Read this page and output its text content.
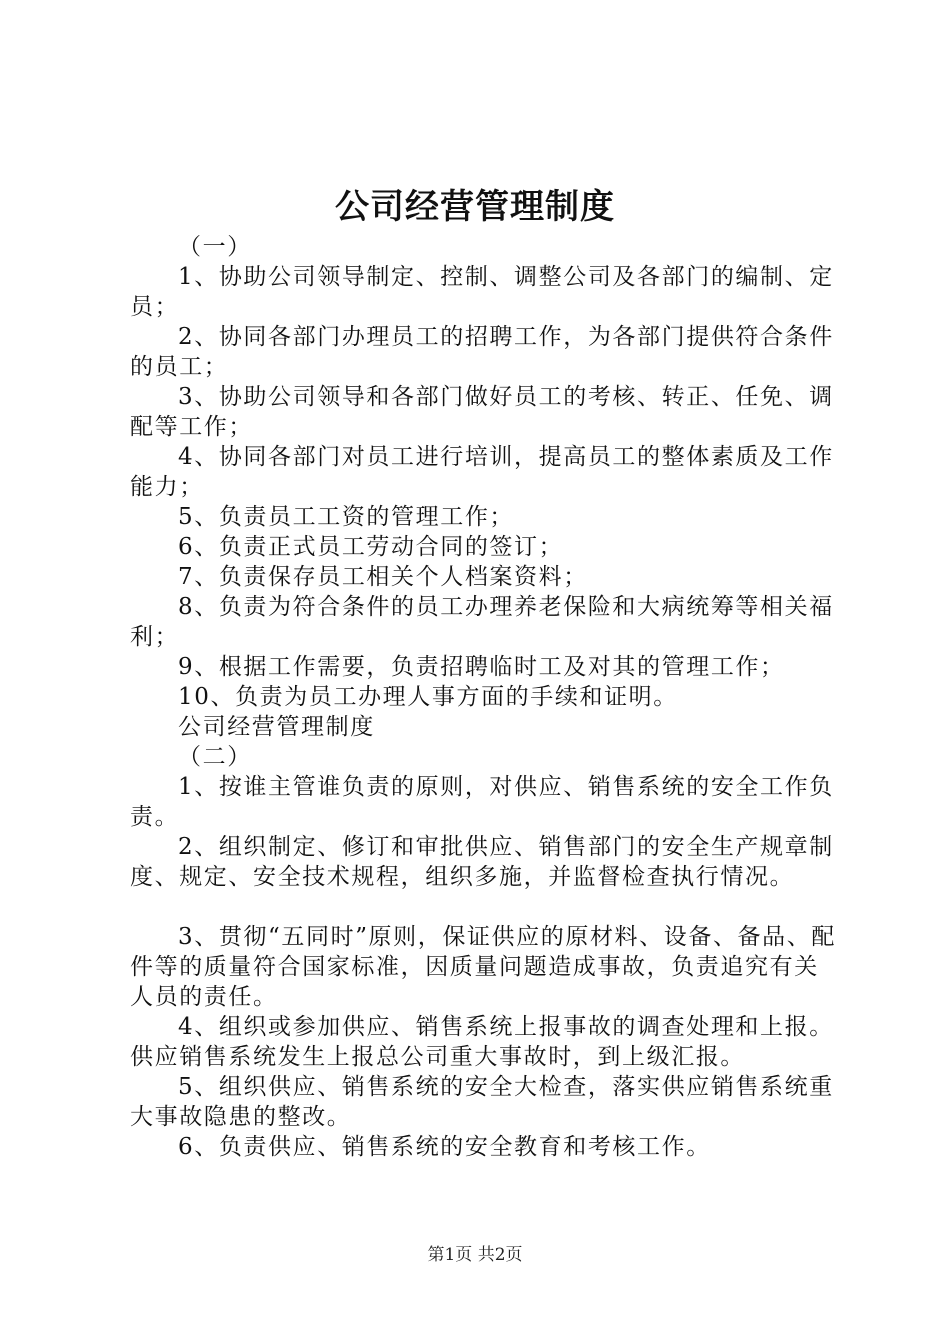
公司经营管理制度

（一）

1、协助公司领导制定、控制、调整公司及各部门的编制、定员；

2、协同各部门办理员工的招聘工作，为各部门提供符合条件的员工；

3、协助公司领导和各部门做好员工的考核、转正、任免、调配等工作；

4、协同各部门对员工进行培训，提高员工的整体素质及工作能力；

5、负责员工工资的管理工作；

6、负责正式员工劳动合同的签订；

7、负责保存员工相关个人档案资料；

8、负责为符合条件的员工办理养老保险和大病统筹等相关福利；

9、根据工作需要，负责招聘临时工及对其的管理工作；

10、负责为员工办理人事方面的手续和证明。

公司经营管理制度

（二）

1、按谁主管谁负责的原则，对供应、销售系统的安全工作负责。

2、组织制定、修订和审批供应、销售部门的安全生产规章制度、规定、安全技术规程，组织多施，并监督检查执行情况。

3、贯彻“五同时”原则，保证供应的原材料、设备、备品、配件等的质量符合国家标准，因质量问题造成事故，负责追究有关人员的责任。

4、组织或参加供应、销售系统上报事故的调查处理和上报。供应销售系统发生上报总公司重大事故时，到上级汇报。

5、组织供应、销售系统的安全大检查，落实供应销售系统重大事故隐患的整改。

6、负责供应、销售系统的安全教育和考核工作。

第1页 共2页
